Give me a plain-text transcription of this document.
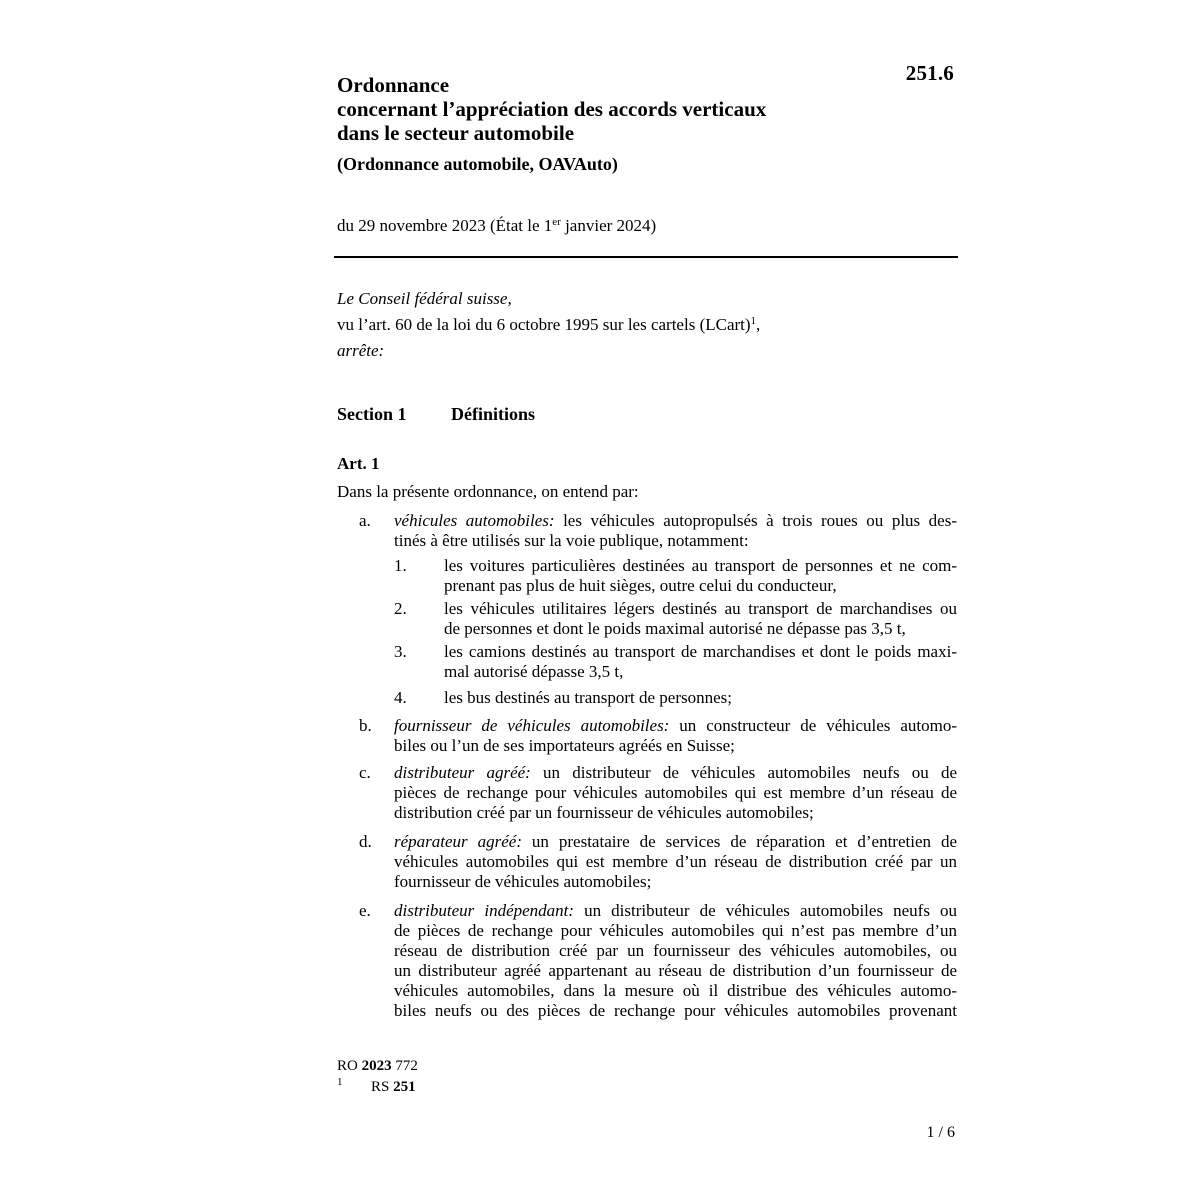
251.6
Ordonnance
concernant l’appréciation des accords verticaux
dans le secteur automobile
(Ordonnance automobile, OAVAuto)
du 29 novembre 2023 (État le 1er janvier 2024)
Le Conseil fédéral suisse,
vu l’art. 60 de la loi du 6 octobre 1995 sur les cartels (LCart)$^1$,
arrête:
Section 1 Définitions
Art. 1
Dans la présente ordonnance, on entend par:
a. véhicules automobiles: les véhicules autopropulsés à trois roues ou plus des-
tinés à être utilisés sur la voie publique, notamment:
1. les voitures particulières destinées au transport de personnes et ne com-
prenant pas plus de huit sièges, outre celui du conducteur,
2. les véhicules utilitaires légers destinés au transport de marchandises ou
de personnes et dont le poids maximal autorisé ne dépasse pas 3,5 t,
3. les camions destinés au transport de marchandises et dont le poids maxi-
mal autorisé dépasse 3,5 t,
4. les bus destinés au transport de personnes;
b. fournisseur de véhicules automobiles: un constructeur de véhicules automo-
biles ou l’un de ses importateurs agréés en Suisse;
c. distributeur agréé: un distributeur de véhicules automobiles neufs ou de
pièces de rechange pour véhicules automobiles qui est membre d’un réseau de
distribution créé par un fournisseur de véhicules automobiles;
d. réparateur agréé: un prestataire de services de réparation et d’entretien de
véhicules automobiles qui est membre d’un réseau de distribution créé par un
fournisseur de véhicules automobiles;
e. distributeur indépendant: un distributeur de véhicules automobiles neufs ou
de pièces de rechange pour véhicules automobiles qui n’est pas membre d’un
réseau de distribution créé par un fournisseur des véhicules automobiles, ou
un distributeur agréé appartenant au réseau de distribution d’un fournisseur de
véhicules automobiles, dans la mesure où il distribue des véhicules automo-
biles neufs ou des pièces de rechange pour véhicules automobiles provenant
RO 2023 772
1 RS 251
1 / 6
